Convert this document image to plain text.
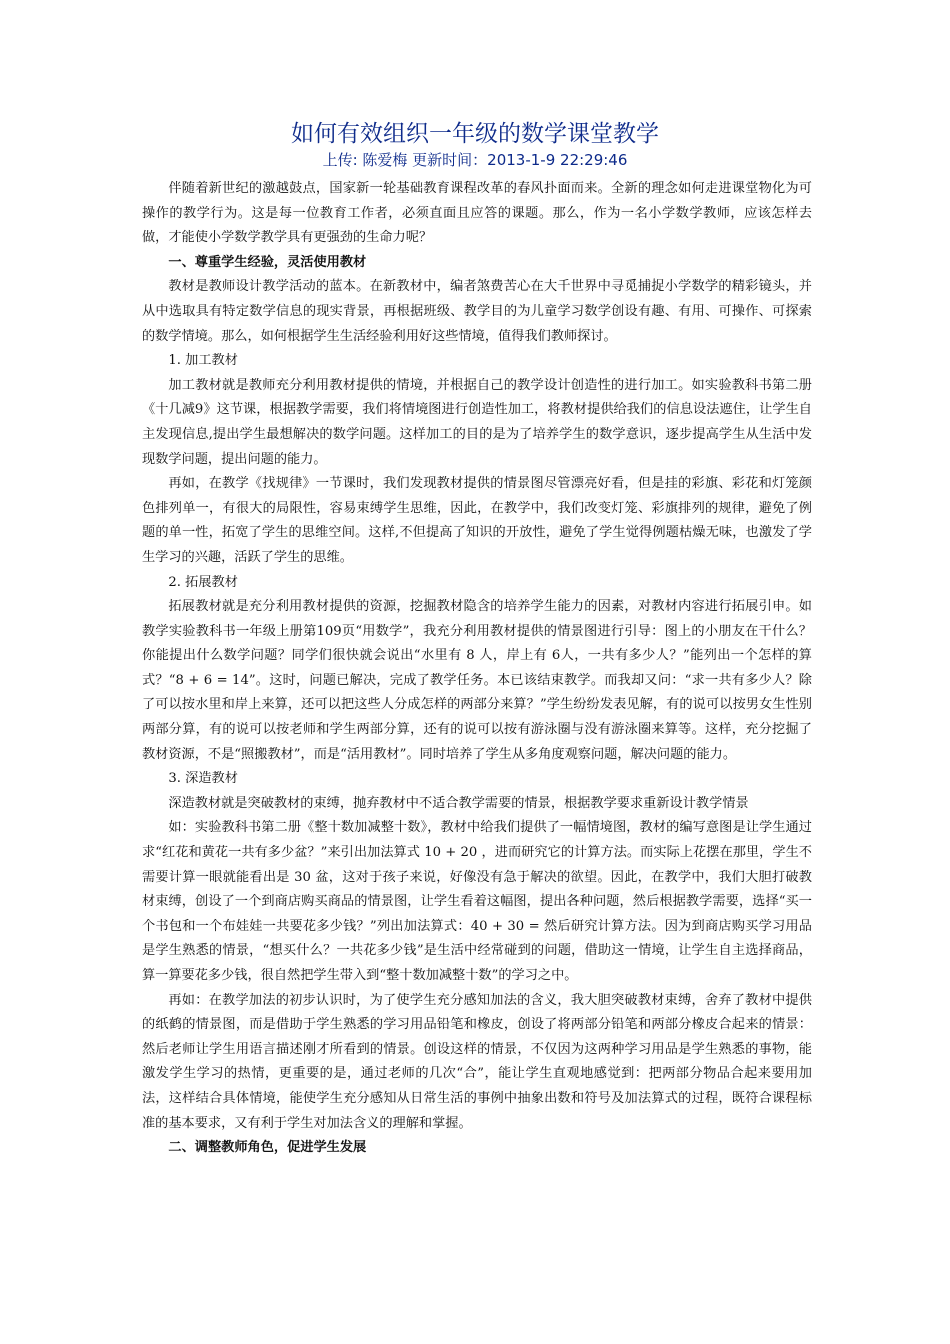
如何有效组织一年级的数学课堂教学
上传: 陈爱梅 更新时间：2013-1-9 22:29:46

伴随着新世纪的激越鼓点，国家新一轮基础教育课程改革的春风扑面而来。全新的理念如何走进课堂物化为可操作的教学行为。这是每一位教育工作者，必须直面且应答的课题。那么，作为一名小学数学教师，应该怎样去做，才能使小学数学教学具有更强劲的生命力呢？

一、尊重学生经验，灵活使用教材

教材是教师设计教学活动的蓝本。在新教材中，编者煞费苦心在大千世界中寻觅捕捉小学数学的精彩镜头，并从中选取具有特定数学信息的现实背景，再根据班级、教学目的为儿童学习数学创设有趣、有用、可操作、可探索的数学情境。那么，如何根据学生生活经验利用好这些情境，值得我们教师探讨。

1. 加工教材

加工教材就是教师充分利用教材提供的情境，并根据自己的教学设计创造性的进行加工。如实验教科书第二册《十几减9》这节课，根据教学需要，我们将情境图进行创造性加工，将教材提供给我们的信息设法遮住，让学生自主发现信息,提出学生最想解决的数学问题。这样加工的目的是为了培养学生的数学意识，逐步提高学生从生活中发现数学问题，提出问题的能力。

再如，在教学《找规律》一节课时，我们发现教材提供的情景图尽管漂亮好看，但是挂的彩旗、彩花和灯笼颜色排列单一，有很大的局限性，容易束缚学生思维，因此，在教学中，我们改变灯笼、彩旗排列的规律，避免了例题的单一性，拓宽了学生的思维空间。这样,不但提高了知识的开放性，避免了学生觉得例题枯燥无味，也激发了学生学习的兴趣，活跃了学生的思维。

2. 拓展教材

拓展教材就是充分利用教材提供的资源，挖掘教材隐含的培养学生能力的因素，对教材内容进行拓展引申。如教学实验教科书一年级上册第109页“用数学”，我充分利用教材提供的情景图进行引导：图上的小朋友在干什么？你能提出什么数学问题？同学们很快就会说出“水里有 8 人，岸上有 6人，一共有多少人？”能列出一个怎样的算式？“8 + 6 = 14”。这时，问题已解决，完成了教学任务。本已该结束教学。而我却又问：“求一共有多少人？除了可以按水里和岸上来算，还可以把这些人分成怎样的两部分来算？”学生纷纷发表见解，有的说可以按男女生性别两部分算，有的说可以按老师和学生两部分算，还有的说可以按有游泳圈与没有游泳圈来算等。这样，充分挖掘了教材资源，不是“照搬教材”，而是“活用教材”。同时培养了学生从多角度观察问题，解决问题的能力。

3. 深造教材

深造教材就是突破教材的束缚，抛弃教材中不适合教学需要的情景，根据教学要求重新设计教学情景

如：实验教科书第二册《整十数加减整十数》，教材中给我们提供了一幅情境图，教材的编写意图是让学生通过求“红花和黄花一共有多少盆？”来引出加法算式 10 + 20 ，进而研究它的计算方法。而实际上花摆在那里，学生不需要计算一眼就能看出是 30 盆，这对于孩子来说，好像没有急于解决的欲望。因此，在教学中，我们大胆打破教材束缚，创设了一个到商店购买商品的情景图，让学生看着这幅图，提出各种问题，然后根据教学需要，选择“买一个书包和一个布娃娃一共要花多少钱？”列出加法算式：40 + 30 = 然后研究计算方法。因为到商店购买学习用品是学生熟悉的情景，“想买什么？一共花多少钱”是生活中经常碰到的问题，借助这一情境，让学生自主选择商品，算一算要花多少钱，很自然把学生带入到“整十数加减整十数”的学习之中。

再如：在教学加法的初步认识时，为了使学生充分感知加法的含义，我大胆突破教材束缚，舍弃了教材中提供的纸鹤的情景图，而是借助于学生熟悉的学习用品铅笔和橡皮，创设了将两部分铅笔和两部分橡皮合起来的情景：然后老师让学生用语言描述刚才所看到的情景。创设这样的情景，不仅因为这两种学习用品是学生熟悉的事物，能激发学生学习的热情，更重要的是，通过老师的几次“合”，能让学生直观地感觉到：把两部分物品合起来要用加法，这样结合具体情境，能使学生充分感知从日常生活的事例中抽象出数和符号及加法算式的过程，既符合课程标准的基本要求，又有利于学生对加法含义的理解和掌握。

二、调整教师角色，促进学生发展
